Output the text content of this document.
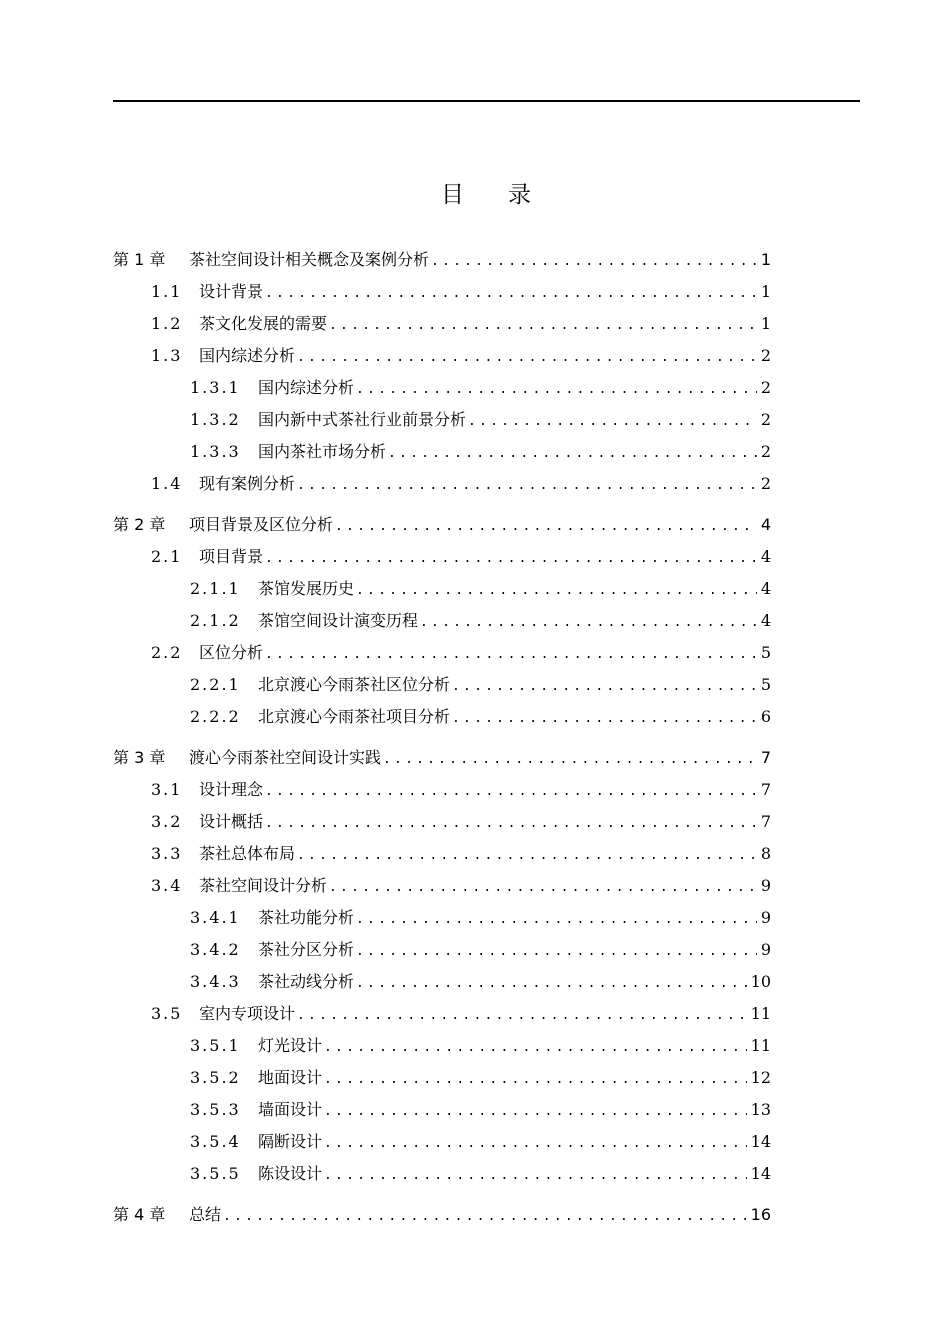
目 录
第 1 章	茶社空间设计相关概念及案例分析 .....	1
1.1	设计背景 .....	1
1.2	茶文化发展的需要 .....	1
1.3	国内综述分析 .....	2
1.3.1	国内综述分析 .....	2
1.3.2	国内新中式茶社行业前景分析 .....	2
1.3.3	国内茶社市场分析 .....	2
1.4	现有案例分析 .....	2
第 2 章	项目背景及区位分析 .....	4
2.1	项目背景 .....	4
2.1.1	茶馆发展历史 .....	4
2.1.2	茶馆空间设计演变历程 .....	4
2.2	区位分析 .....	5
2.2.1	北京渡心今雨茶社区位分析 .....	5
2.2.2	北京渡心今雨茶社项目分析 .....	6
第 3 章	渡心今雨茶社空间设计实践 .....	7
3.1	设计理念 .....	7
3.2	设计概括 .....	7
3.3	茶社总体布局 .....	8
3.4	茶社空间设计分析 .....	9
3.4.1	茶社功能分析 .....	9
3.4.2	茶社分区分析 .....	9
3.4.3	茶社动线分析 .....	10
3.5	室内专项设计 .....	11
3.5.1	灯光设计 .....	11
3.5.2	地面设计 .....	12
3.5.3	墙面设计 .....	13
3.5.4	隔断设计 .....	14
3.5.5	陈设设计 .....	14
第 4 章	总结 .....	16
